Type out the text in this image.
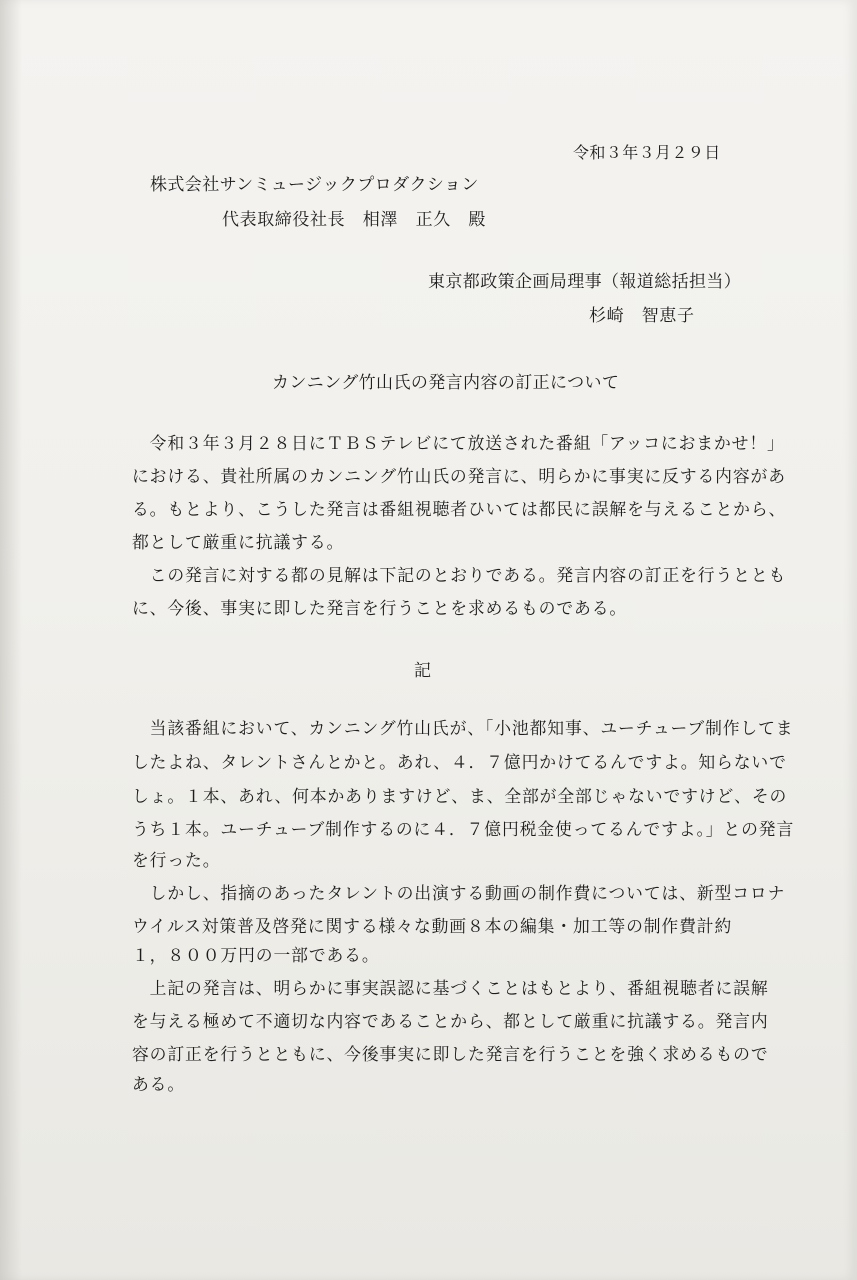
令和３年３月２９日
株式会社サンミュージックプロダクション
代表取締役社長　相澤　正久　殿
東京都政策企画局理事（報道総括担当）
杉崎　智恵子
カンニング竹山氏の発言内容の訂正について
　令和３年３月２８日にＴＢＳテレビにて放送された番組「アッコにおまかせ！」
における、貴社所属のカンニング竹山氏の発言に、明らかに事実に反する内容があ
る。もとより、こうした発言は番組視聴者ひいては都民に誤解を与えることから、
都として厳重に抗議する。
　この発言に対する都の見解は下記のとおりである。発言内容の訂正を行うととも
に、今後、事実に即した発言を行うことを求めるものである。
記
　当該番組において、カンニング竹山氏が、「小池都知事、ユーチューブ制作してま
したよね、タレントさんとかと。あれ、４．７億円かけてるんですよ。知らないで
しょ。１本、あれ、何本かありますけど、ま、全部が全部じゃないですけど、その
うち１本。ユーチューブ制作するのに４．７億円税金使ってるんですよ。」との発言
を行った。
　しかし、指摘のあったタレントの出演する動画の制作費については、新型コロナ
ウイルス対策普及啓発に関する様々な動画８本の編集・加工等の制作費計約
１，８００万円の一部である。
　上記の発言は、明らかに事実誤認に基づくことはもとより、番組視聴者に誤解
を与える極めて不適切な内容であることから、都として厳重に抗議する。発言内
容の訂正を行うとともに、今後事実に即した発言を行うことを強く求めるもので
ある。
